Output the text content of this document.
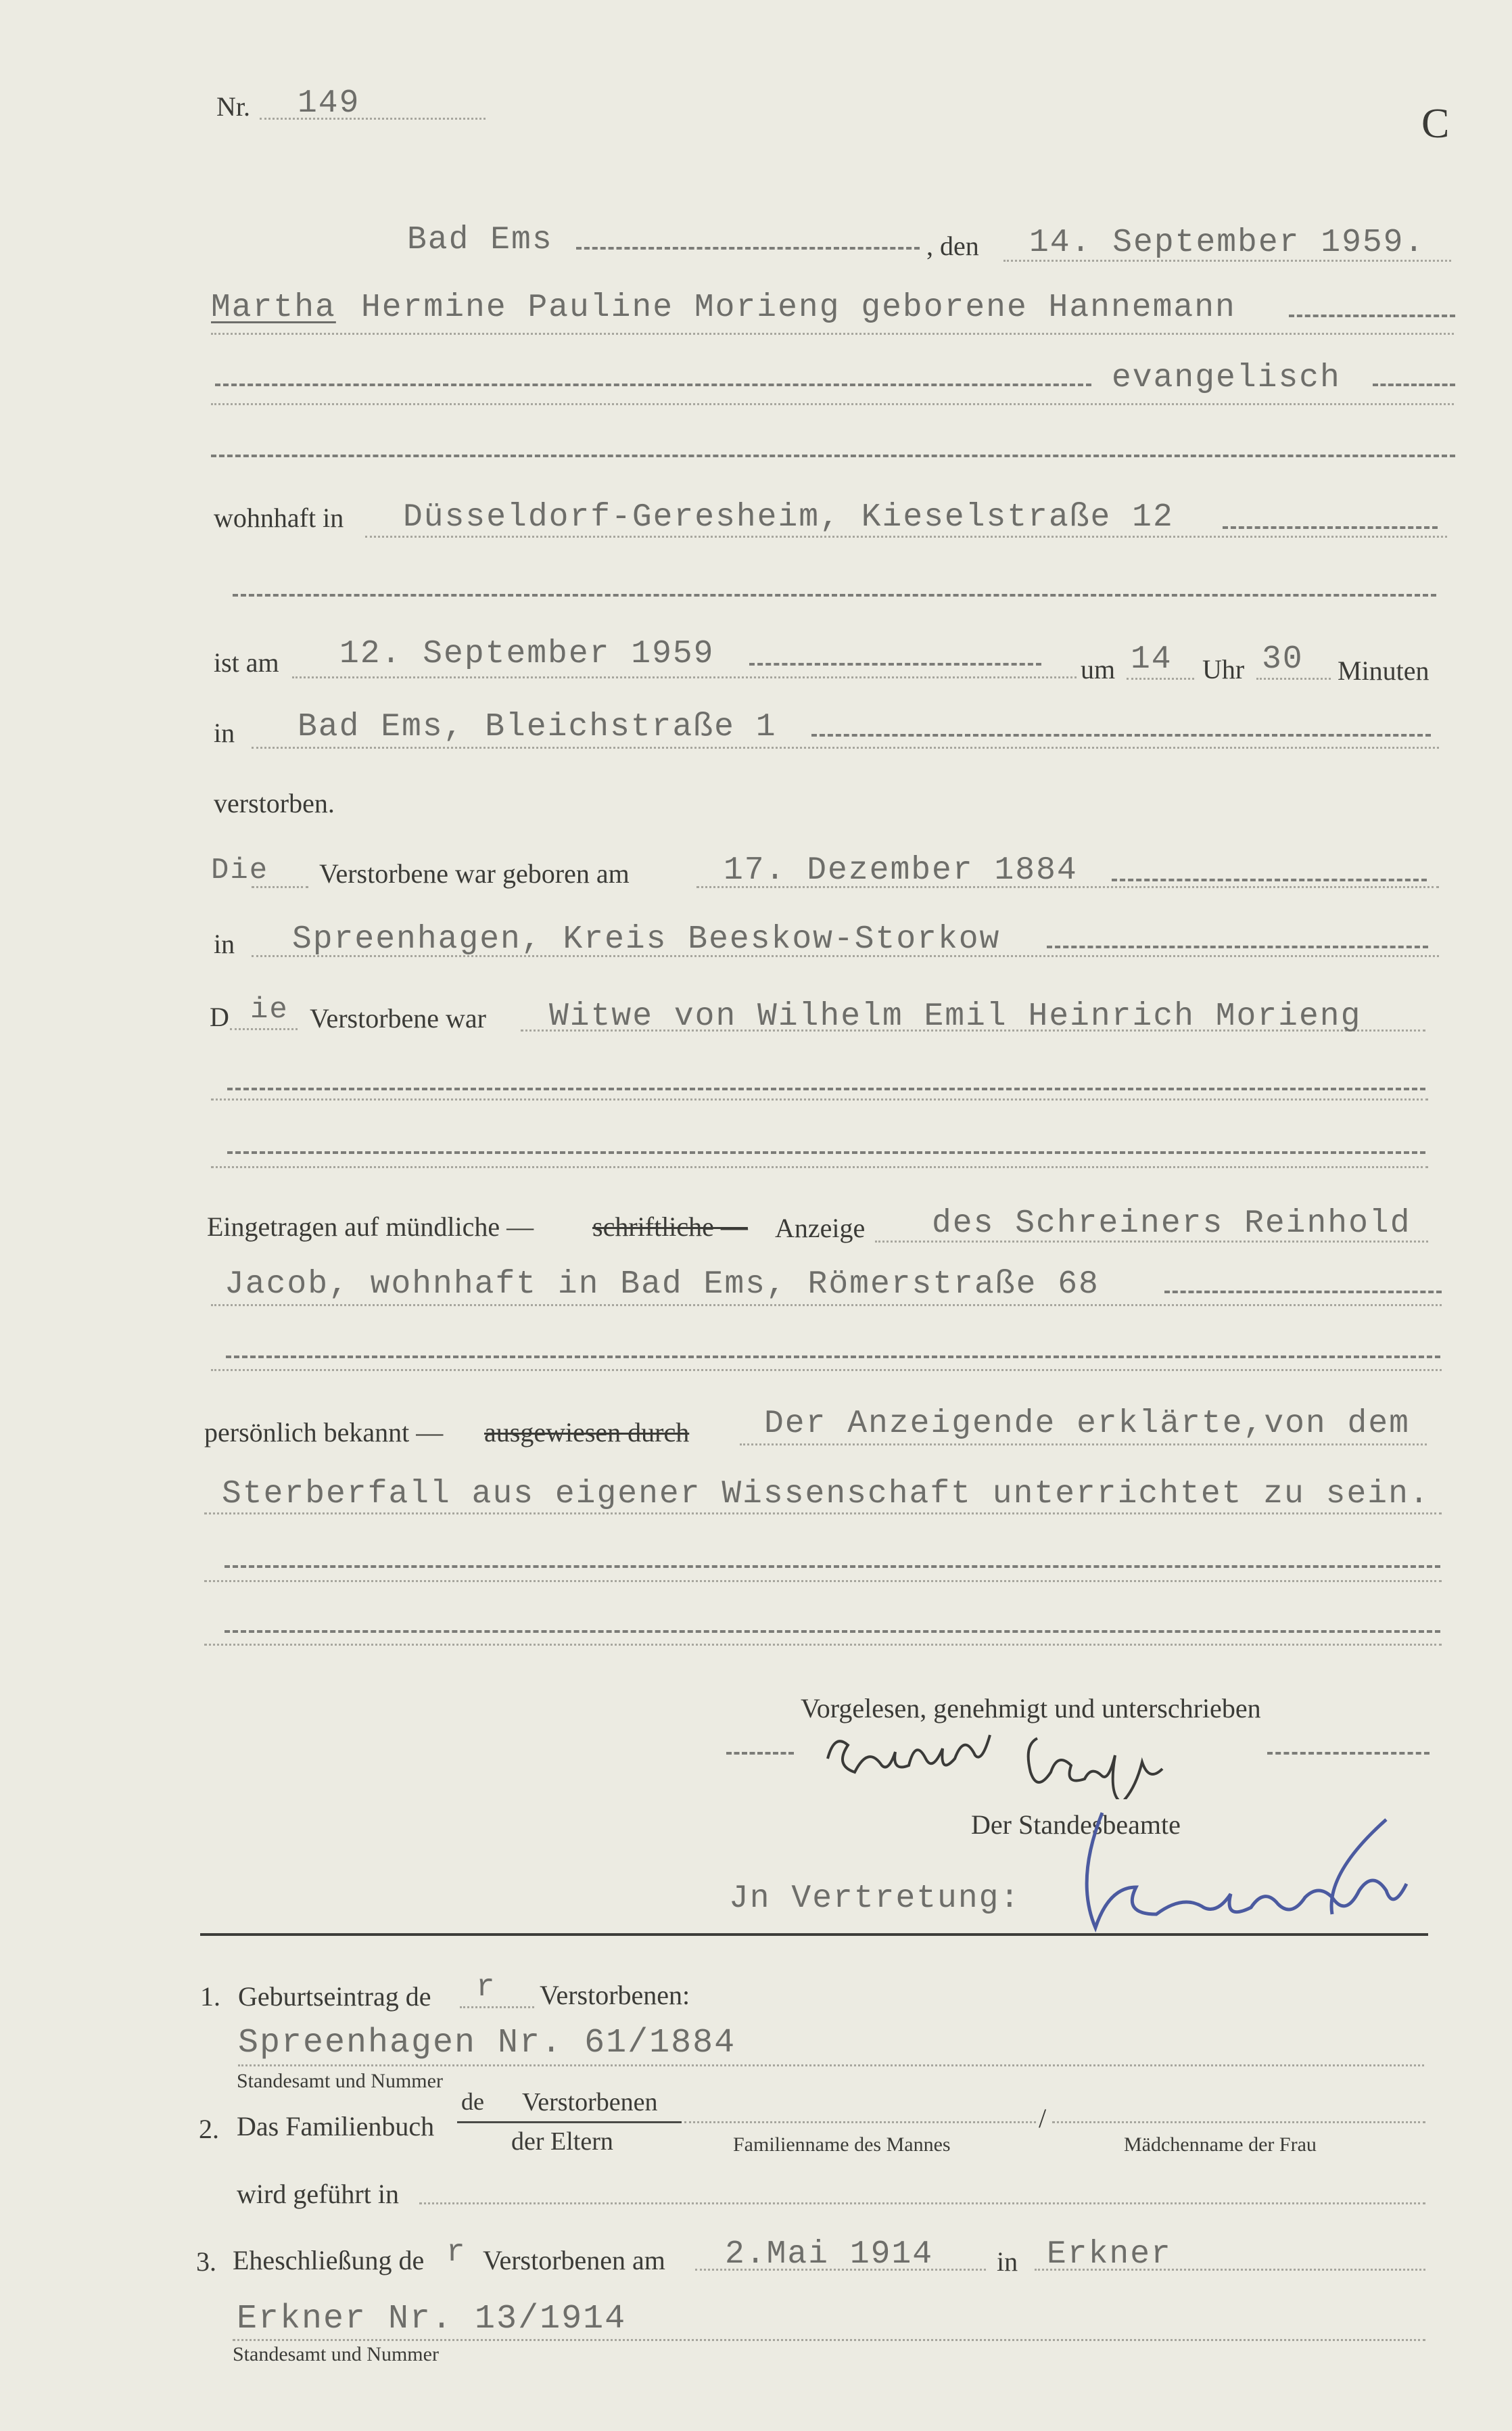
Nr. 149	C
Bad Ems	, den 14. September 1959.
Martha Hermine Pauline Morieng geborene Hannemann
evangelisch
wohnhaft in Düsseldorf-Geresheim, Kieselstraße 12
ist am 12. September 1959	um 14 Uhr 30 Minuten
in Bad Ems, Bleichstraße 1
verstorben.
Die Verstorbene war geboren am	17. Dezember 1884
in Spreenhagen, Kreis Beeskow-Storkow
D ie Verstorbene war Witwe von Wilhelm Emil Heinrich Morieng
Eingetragen auf mündliche — schriftliche — Anzeige des Schreiners Reinhold
Jacob, wohnhaft in Bad Ems, Römerstraße 68
persönlich bekannt — ausgewiesen durch Der Anzeigende erklärte,von dem
Sterberfall aus eigener Wissenschaft unterrichtet zu sein.
Vorgelesen, genehmigt und unterschrieben
Der Standesbeamte
Jn Vertretung:
1. Geburtseintrag de r Verstorbenen:
Spreenhagen Nr. 61/1884
Standesamt und Nummer
2. Das Familienbuch
de Verstorbenen
der Eltern
/
Familienname des Mannes	Mädchenname der Frau
wird geführt in
3. Eheschließung de r Verstorbenen am 2.Mai 1914 in Erkner
Erkner Nr. 13/1914
Standesamt und Nummer
